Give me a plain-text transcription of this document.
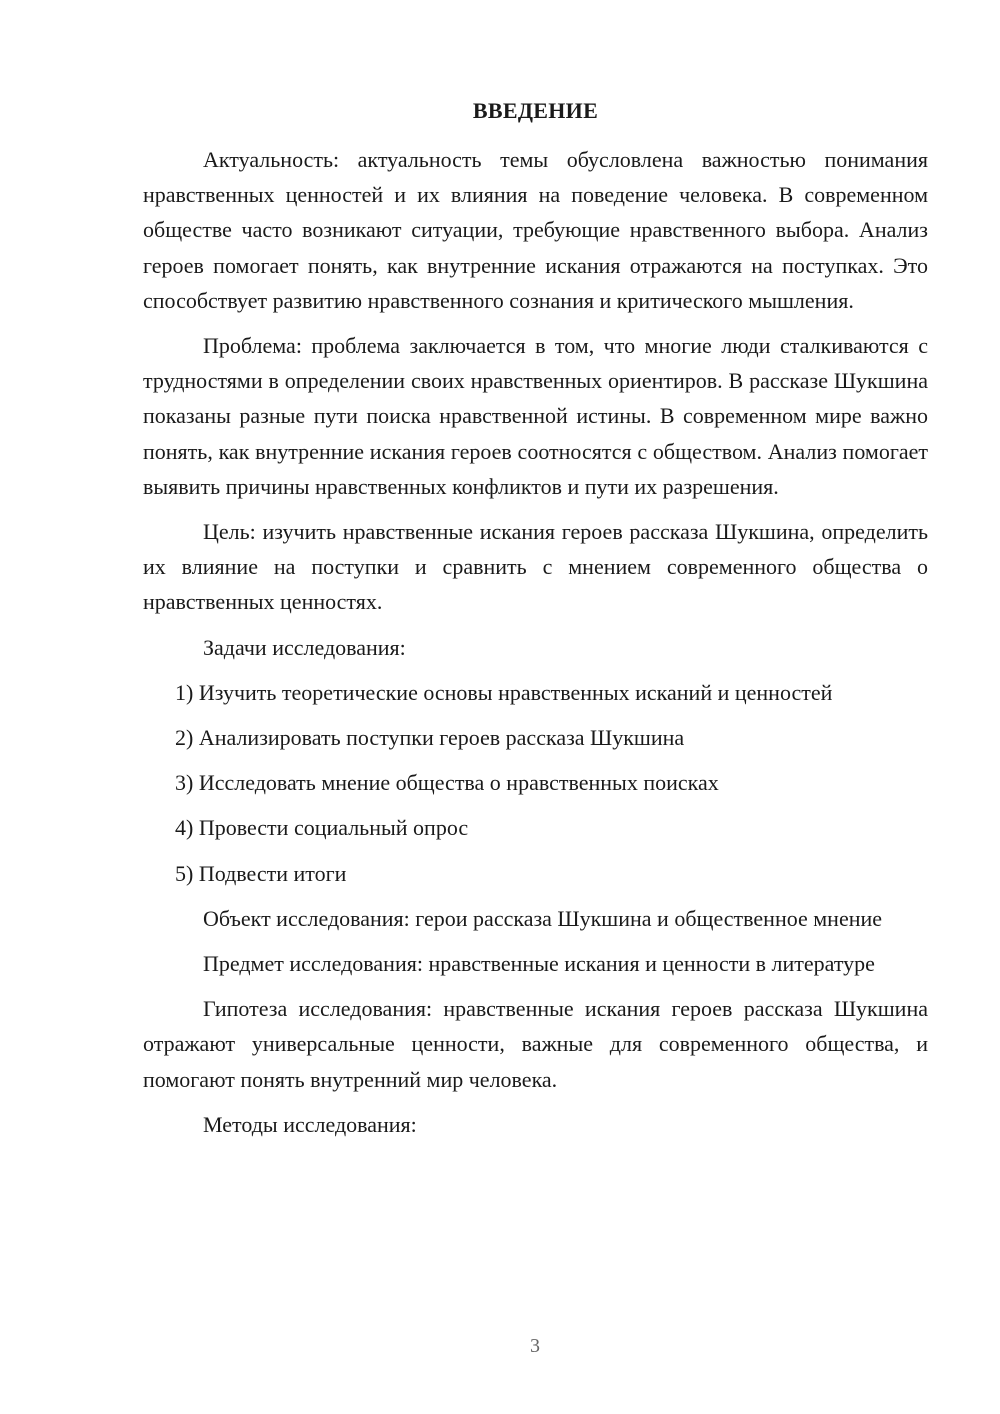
ВВЕДЕНИЕ

Актуальность: актуальность темы обусловлена важностью понимания нравственных ценностей и их влияния на поведение человека. В современном обществе часто возникают ситуации, требующие нравственного выбора. Анализ героев помогает понять, как внутренние искания отражаются на поступках. Это способствует развитию нравственного сознания и критического мышления.

Проблема: проблема заключается в том, что многие люди сталкиваются с трудностями в определении своих нравственных ориентиров. В рассказе Шукшина показаны разные пути поиска нравственной истины. В современном мире важно понять, как внутренние искания героев соотносятся с обществом. Анализ помогает выявить причины нравственных конфликтов и пути их разрешения.

Цель: изучить нравственные искания героев рассказа Шукшина, определить их влияние на поступки и сравнить с мнением современного общества о нравственных ценностях.

Задачи исследования:

1) Изучить теоретические основы нравственных исканий и ценностей
2) Анализировать поступки героев рассказа Шукшина
3) Исследовать мнение общества о нравственных поисках
4) Провести социальный опрос
5) Подвести итоги

Объект исследования: герои рассказа Шукшина и общественное мнение

Предмет исследования: нравственные искания и ценности в литературе

Гипотеза исследования: нравственные искания героев рассказа Шукшина отражают универсальные ценности, важные для современного общества, и помогают понять внутренний мир человека.

Методы исследования:

3
